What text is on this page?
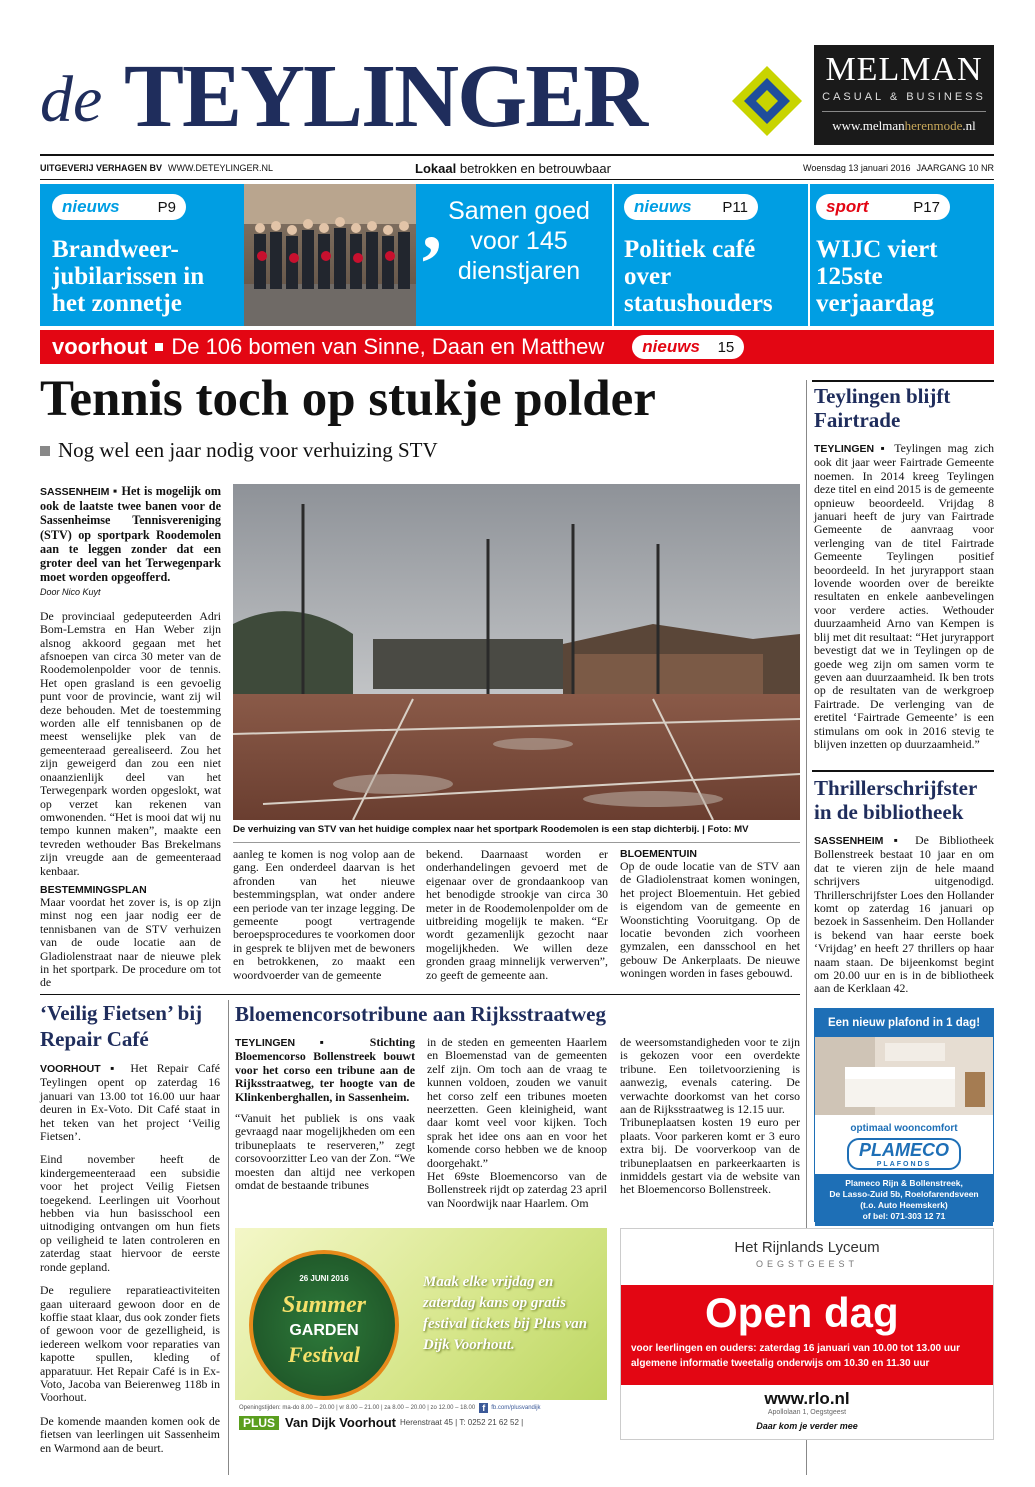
de TEYLINGER	MELMAN
CASUAL & BUSINESS
www.melmanherenmode.nl
UITGEVERIJ VERHAGEN BV WWW.DETEYLINGER.NL	Lokaal betrokken en betrouwbaar	Woensdag 13 januari 2016 JAARGANG 10 NR
nieuws	P9
Brandweer-jubilarissen in het zonnetje
, Samen goed voor 145 dienstjaren
nieuws P11
Politiek café over statushouders
sport	P17
WIJC viert 125ste verjaardag
voorhout De 106 bomen van Sinne, Daan en Matthew nieuws 15
Tennis toch op stukje polder
Nog wel een jaar nodig voor verhuizing STV

SASSENHEIM ▪ Het is mogelijk om ook de laatste twee banen voor de Sassenheimse Tennisvereniging (STV) op sportpark Roodemolen aan te leggen zonder dat een groter deel van het Terwegenpark moet worden opgeofferd.

Door Nico Kuyt

De provinciaal gedeputeerden Adri Bom-Lemstra en Han Weber zijn alsnog akkoord gegaan met het afsnoepen van circa 30 meter van de Roodemolenpolder voor de tennis. Het open grasland is een gevoelig punt voor de provincie, want zij wil deze behouden. Met de toestemming worden alle elf tennisbanen op de meest wenselijke plek van de gemeenteraad gerealiseerd. Zou het zijn geweigerd dan zou een niet onaanzienlijk deel van het Terwegenpark worden opgeslokt, wat op verzet kan rekenen van omwonenden. “Het is mooi dat wij nu tempo kunnen maken”, maakte een tevreden wethouder Bas Brekelmans zijn vreugde aan de gemeenteraad kenbaar.

BESTEMMINGSPLAN

Maar voordat het zover is, is op zijn minst nog een jaar nodig eer de tennisbanen van de STV verhuizen van de oude locatie aan de Gladiolenstraat naar de nieuwe plek in het sportpark. De procedure om tot de

De verhuizing van STV van het huidige complex naar het sportpark Roodemolen is een stap dichterbij. | Foto: MV

aanleg te komen is nog volop aan de gang. Een onderdeel daarvan is het afronden van het nieuwe bestemmingsplan, wat onder andere een periode van ter inzage legging. De gemeente poogt vertragende beroepsprocedures te voorkomen door in gesprek te blijven met de bewoners en betrokkenen, zo maakt een woordvoerder van de gemeente

bekend. Daarnaast worden er onderhandelingen gevoerd met de eigenaar over de grondaankoop van het benodigde strookje van circa 30 meter in de Roodemolenpolder om de uitbreiding mogelijk te maken. “Er wordt gezamenlijk gezocht naar mogelijkheden. We willen deze gronden graag minnelijk verwerven”, zo geeft de gemeente aan.

BLOEMENTUIN

Op de oude locatie van de STV aan de Gladiolenstraat komen woningen, het project Bloementuin. Het gebied is eigendom van de gemeente en Woonstichting Vooruitgang. Op de locatie bevonden zich voorheen gymzalen, een dansschool en het gebouw De Ankerplaats. De nieuwe woningen worden in fases gebouwd.

Teylingen blijft Fairtrade

TEYLINGEN ▪ Teylingen mag zich ook dit jaar weer Fairtrade Gemeente noemen. In 2014 kreeg Teylingen deze titel en eind 2015 is de gemeente opnieuw beoordeeld. Vrijdag 8 januari heeft de jury van Fairtrade Gemeente de aanvraag voor verlenging van de titel Fairtrade Gemeente Teylingen positief beoordeeld. In het juryrapport staan lovende woorden over de bereikte resultaten en enkele aanbevelingen voor verdere acties. Wethouder duurzaamheid Arno van Kempen is blij met dit resultaat: “Het juryrapport bevestigt dat we in Teylingen op de goede weg zijn om samen vorm te geven aan duurzaamheid. Ik ben trots op de resultaten van de werkgroep Fairtrade. De verlenging van de eretitel ‘Fairtrade Gemeente’ is een stimulans om ook in 2016 stevig te blijven inzetten op duurzaamheid.”

Thrillerschrijfster in de bibliotheek

SASSENHEIM ▪ De Bibliotheek Bollenstreek bestaat 10 jaar en om dat te vieren zijn de hele maand schrijvers uitgenodigd. Thrillerschrijfster Loes den Hollander komt op zaterdag 16 januari op bezoek in Sassenheim. Den Hollander is bekend van haar eerste boek ‘Vrijdag’ en heeft 27 thrillers op haar naam staan. De bijeenkomst begint om 20.00 uur en is in de bibliotheek aan de Kerklaan 42.

Een nieuw plafond in 1 dag!
optimaal wooncomfort
PLAMECO
PLAFONDS
Plameco Rijn & Bollenstreek,
De Lasso-Zuid 5b, Roelofarendsveen
(t.o. Auto Heemskerk)
of bel: 071-303 12 71
‘Veilig Fietsen’ bij Repair Café

VOORHOUT ▪ Het Repair Café Teylingen opent op zaterdag 16 januari van 13.00 tot 16.00 uur haar deuren in Ex-Voto. Dit Café staat in het teken van het project ‘Veilig Fietsen’.

Eind november heeft de kindergemeenteraad een subsidie voor het project Veilig Fietsen toegekend. Leerlingen uit Voorhout hebben via hun basisschool een uitnodiging ontvangen om hun fiets op veiligheid te laten controleren en zaterdag staat hiervoor de eerste ronde gepland.

De reguliere reparatieactiviteiten gaan uiteraard gewoon door en de koffie staat klaar, dus ook zonder fiets of gewoon voor de gezelligheid, is iedereen welkom voor reparaties van kapotte spullen, kleding of apparatuur. Het Repair Café is in Ex-Voto, Jacoba van Beierenweg 118b in Voorhout.

De komende maanden komen ook de fietsen van leerlingen uit Sassenheim en Warmond aan de beurt.

Bloemencorsotribune aan Rijksstraatweg

TEYLINGEN ▪ Stichting Bloemencorso Bollenstreek bouwt voor het corso een tribune aan de Rijksstraatweg, ter hoogte van de Klinkenberghallen, in Sassenheim.

“Vanuit het publiek is ons vaak gevraagd naar mogelijkheden om een tribuneplaats te reserveren,” zegt corsovoorzitter Leo van der Zon. “We moesten dan altijd nee verkopen omdat de bestaande tribunes

in de steden en gemeenten Haarlem en Bloemenstad van de gemeenten zelf zijn. Om toch aan de vraag te kunnen voldoen, zouden we vanuit het corso zelf een tribunes moeten neerzetten. Geen kleinigheid, want daar komt veel voor kijken. Toch sprak het idee ons aan en voor het komende corso hebben we de knoop doorgehakt.”

Het 69ste Bloemencorso van de Bollenstreek rijdt op zaterdag 23 april van Noordwijk naar Haarlem. Om

de weersomstandigheden voor te zijn is gekozen voor een overdekte tribune. Een toiletvoorziening is aanwezig, evenals catering. De verwachte doorkomst van het corso aan de Rijksstraatweg is 12.15 uur.

Tribuneplaatsen kosten 19 euro per plaats. Voor parkeren komt er 3 euro extra bij. De voorverkoop van de tribuneplaatsen en parkeerkaarten is inmiddels gestart via de website van het Bloemencorso Bollenstreek.

26 JUNI 2016
Summer
GARDEN
Festival
Maak elke vrijdag en zaterdag kans op gratis festival tickets bij Plus van Dijk Voorhout.
Openingstijden: ma-do 8.00 – 20.00 | vr 8.00 – 21.00 | za 8.00 – 20.00 | zo 12.00 – 18.00 f	fb.com/plusvandijk
PLUS Van Dijk Voorhout Herenstraat 45 | T: 0252 21 62 52 |
Het Rijnlands Lyceum
OEGSTGEEST
Open dag
voor leerlingen en ouders: zaterdag 16 januari van 10.00 tot 13.00 uur
algemene informatie tweetalig onderwijs om 10.30 en 11.30 uur
www.rlo.nl
Apollolaan 1, Oegstgeest
Daar kom je verder mee
